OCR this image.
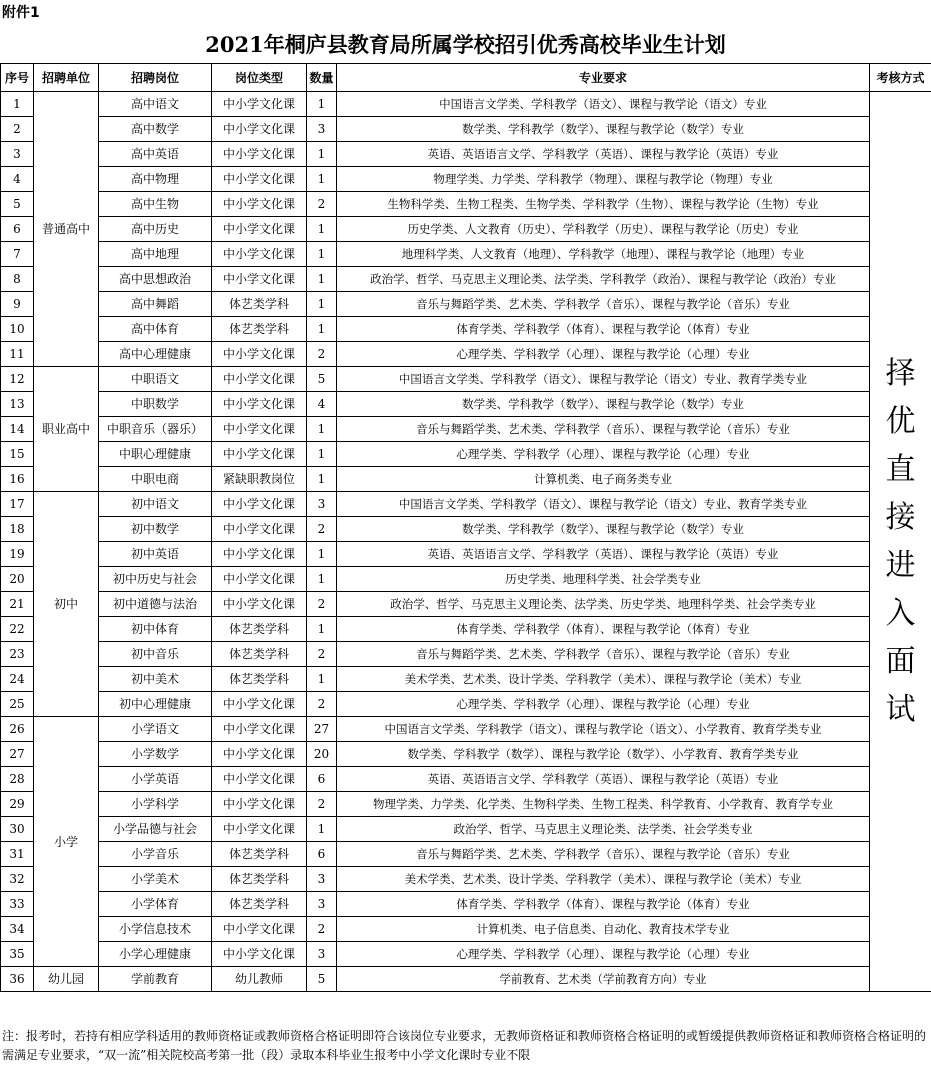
附件1
2021年桐庐县教育局所属学校招引优秀高校毕业生计划
序号	招聘单位	招聘岗位	岗位类型	数量	专业要求	考核方式
1	普通高中	高中语文	中小学文化课	1	中国语言文学类、学科教学（语文）、课程与教学论（语文）专业	择优直接进入面试

2		高中数学	中小学文化课	3	数学类、学科教学（数学）、课程与教学论（数学）专业	
3		高中英语	中小学文化课	1	英语、英语语言文学、学科教学（英语）、课程与教学论（英语）专业	
4		高中物理	中小学文化课	1	物理学类、力学类、学科教学（物理）、课程与教学论（物理）专业	
5		高中生物	中小学文化课	2	生物科学类、生物工程类、生物学类、学科教学（生物）、课程与教学论（生物）专业	
6		高中历史	中小学文化课	1	历史学类、人文教育（历史）、学科教学（历史）、课程与教学论（历史）专业	
7		高中地理	中小学文化课	1	地理科学类、人文教育（地理）、学科教学（地理）、课程与教学论（地理）专业	
8		高中思想政治	中小学文化课	1	政治学、哲学、马克思主义理论类、法学类、学科教学（政治）、课程与教学论（政治）专业	
9		高中舞蹈	体艺类学科	1	音乐与舞蹈学类、艺术类、学科教学（音乐）、课程与教学论（音乐）专业	
10		高中体育	体艺类学科	1	体育学类、学科教学（体育）、课程与教学论（体育）专业	
11		高中心理健康	中小学文化课	2	心理学类、学科教学（心理）、课程与教学论（心理）专业	
12	职业高中	中职语文	中小学文化课	5	中国语言文学类、学科教学（语文）、课程与教学论（语文）专业、教育学类专业	
13		中职数学	中小学文化课	4	数学类、学科教学（数学）、课程与教学论（数学）专业	
14		中职音乐（器乐）	中小学文化课	1	音乐与舞蹈学类、艺术类、学科教学（音乐）、课程与教学论（音乐）专业	
15		中职心理健康	中小学文化课	1	心理学类、学科教学（心理）、课程与教学论（心理）专业	
16		中职电商	紧缺职教岗位	1	计算机类、电子商务类专业	
17	初中	初中语文	中小学文化课	3	中国语言文学类、学科教学（语文）、课程与教学论（语文）专业、教育学类专业	
18		初中数学	中小学文化课	2	数学类、学科教学（数学）、课程与教学论（数学）专业	
19		初中英语	中小学文化课	1	英语、英语语言文学、学科教学（英语）、课程与教学论（英语）专业	
20		初中历史与社会	中小学文化课	1	历史学类、地理科学类、社会学类专业	
21		初中道德与法治	中小学文化课	2	政治学、哲学、马克思主义理论类、法学类、历史学类、地理科学类、社会学类专业	
22		初中体育	体艺类学科	1	体育学类、学科教学（体育）、课程与教学论（体育）专业	
23		初中音乐	体艺类学科	2	音乐与舞蹈学类、艺术类、学科教学（音乐）、课程与教学论（音乐）专业	
24		初中美术	体艺类学科	1	美术学类、艺术类、设计学类、学科教学（美术）、课程与教学论（美术）专业	
25		初中心理健康	中小学文化课	2	心理学类、学科教学（心理）、课程与教学论（心理）专业	
26	小学	小学语文	中小学文化课	27	中国语言文学类、学科教学（语文）、课程与教学论（语文）、小学教育、教育学类专业	
27		小学数学	中小学文化课	20	数学类、学科教学（数学）、课程与教学论（数学）、小学教育、教育学类专业	
28		小学英语	中小学文化课	6	英语、英语语言文学、学科教学（英语）、课程与教学论（英语）专业	
29		小学科学	中小学文化课	2	物理学类、力学类、化学类、生物科学类、生物工程类、科学教育、小学教育、教育学专业	
30		小学品德与社会	中小学文化课	1	政治学、哲学、马克思主义理论类、法学类、社会学类专业	
31		小学音乐	体艺类学科	6	音乐与舞蹈学类、艺术类、学科教学（音乐）、课程与教学论（音乐）专业	
32		小学美术	体艺类学科	3	美术学类、艺术类、设计学类、学科教学（美术）、课程与教学论（美术）专业	
33		小学体育	体艺类学科	3	体育学类、学科教学（体育）、课程与教学论（体育）专业	
34		小学信息技术	中小学文化课	2	计算机类、电子信息类、自动化、教育技术学专业	
35		小学心理健康	中小学文化课	3	心理学类、学科教学（心理）、课程与教学论（心理）专业	
36	幼儿园	学前教育	幼儿教师	5	学前教育、艺术类（学前教育方向）专业	
注：报考时，若持有相应学科适用的教师资格证或教师资格合格证明即符合该岗位专业要求，无教师资格证和教师资格合格证明的或暂缓提供教师资格证和教师资格合格证明的需满足专业要求，“双一流”相关院校高考第一批（段）录取本科毕业生报考中小学文化课时专业不限
